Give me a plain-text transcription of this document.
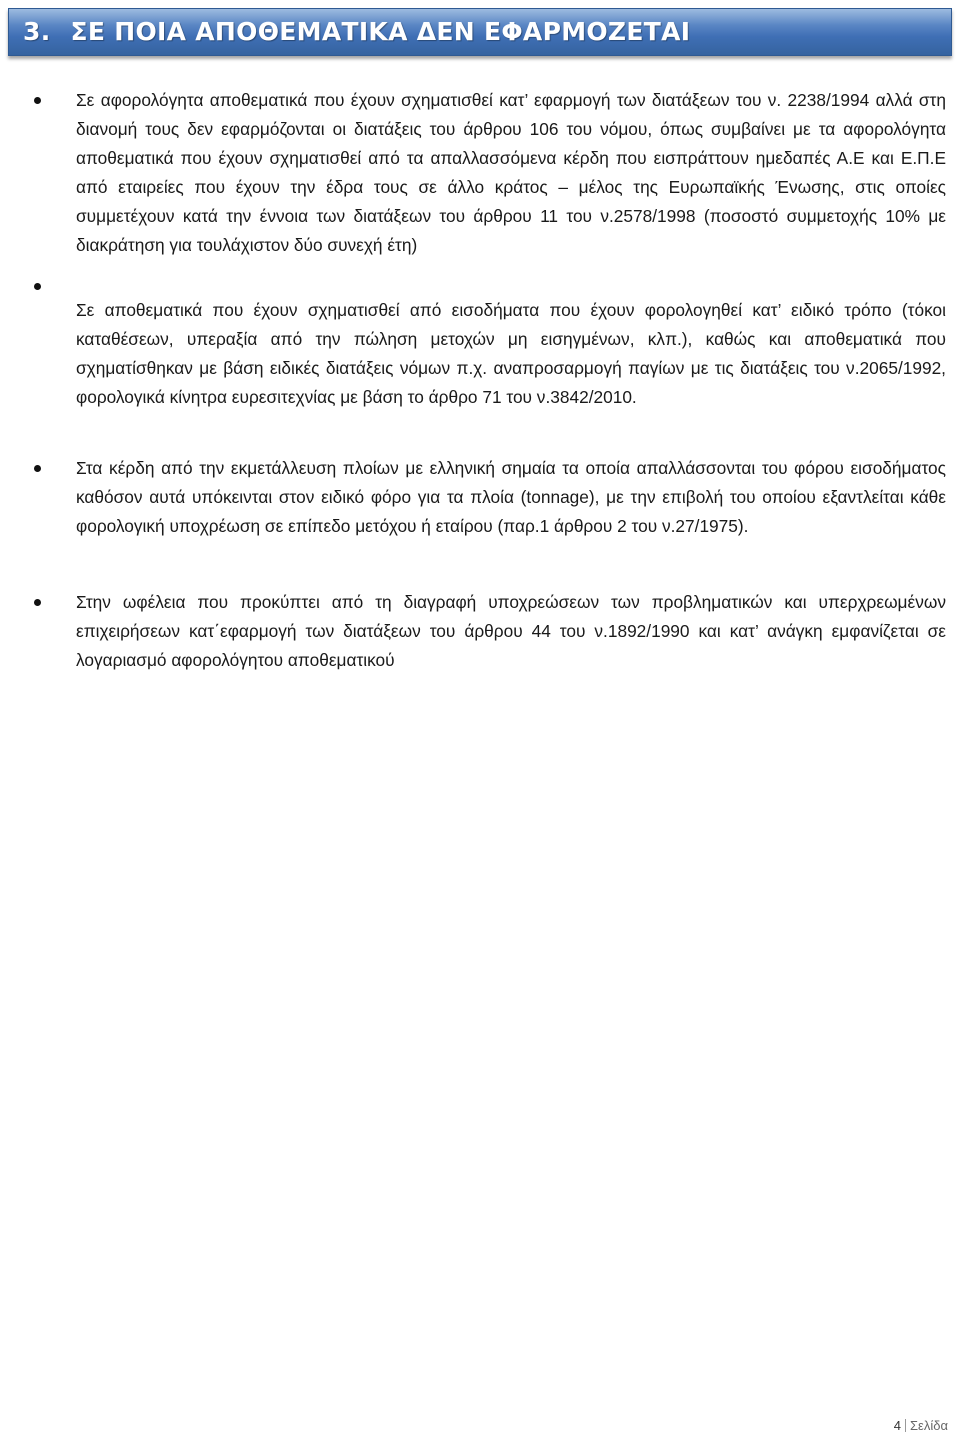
3. ΣΕ ΠΟΙΑ ΑΠΟΘΕΜΑΤΙΚΑ ΔΕΝ ΕΦΑΡΜΟΖΕΤΑΙ
Σε αφορολόγητα αποθεματικά που έχουν σχηματισθεί κατ’ εφαρμογή των διατάξεων του ν. 2238/1994 αλλά στη διανομή τους δεν εφαρμόζονται οι διατάξεις του άρθρου 106 του νόμου, όπως συμβαίνει με τα αφορολόγητα αποθεματικά που έχουν σχηματισθεί από τα απαλλασσόμενα κέρδη που εισπράττουν ημεδαπές Α.Ε και Ε.Π.Ε από εταιρείες που έχουν την έδρα τους σε άλλο κράτος – μέλος της Ευρωπαϊκής Ένωσης, στις οποίες συμμετέχουν κατά την έννοια των διατάξεων του άρθρου 11 του ν.2578/1998 (ποσοστό συμμετοχής 10% με διακράτηση για τουλάχιστον δύο συνεχή έτη)
Σε αποθεματικά που έχουν σχηματισθεί από εισοδήματα που έχουν φορολογηθεί κατ’ ειδικό τρόπο (τόκοι καταθέσεων, υπεραξία από την πώληση μετοχών μη εισηγμένων, κλπ.), καθώς και αποθεματικά που σχηματίσθηκαν με βάση ειδικές διατάξεις νόμων π.χ. αναπροσαρμογή παγίων με τις διατάξεις του ν.2065/1992, φορολογικά κίνητρα ευρεσιτεχνίας με βάση το άρθρο 71 του ν.3842/2010.
Στα κέρδη από την εκμετάλλευση πλοίων με ελληνική σημαία τα οποία απαλλάσσονται του φόρου εισοδήματος καθόσον αυτά υπόκεινται στον ειδικό φόρο για τα πλοία (tonnage), με την επιβολή του οποίου εξαντλείται κάθε φορολογική υποχρέωση σε επίπεδο μετόχου ή εταίρου (παρ.1 άρθρου 2 του ν.27/1975).
Στην ωφέλεια που προκύπτει από τη διαγραφή υποχρεώσεων των προβληματικών και υπερχρεωμένων επιχειρήσεων κατ΄εφαρμογή των διατάξεων του άρθρου 44 του ν.1892/1990 και κατ’ ανάγκη εμφανίζεται σε λογαριασμό αφορολόγητου αποθεματικού
4 Σελίδα
